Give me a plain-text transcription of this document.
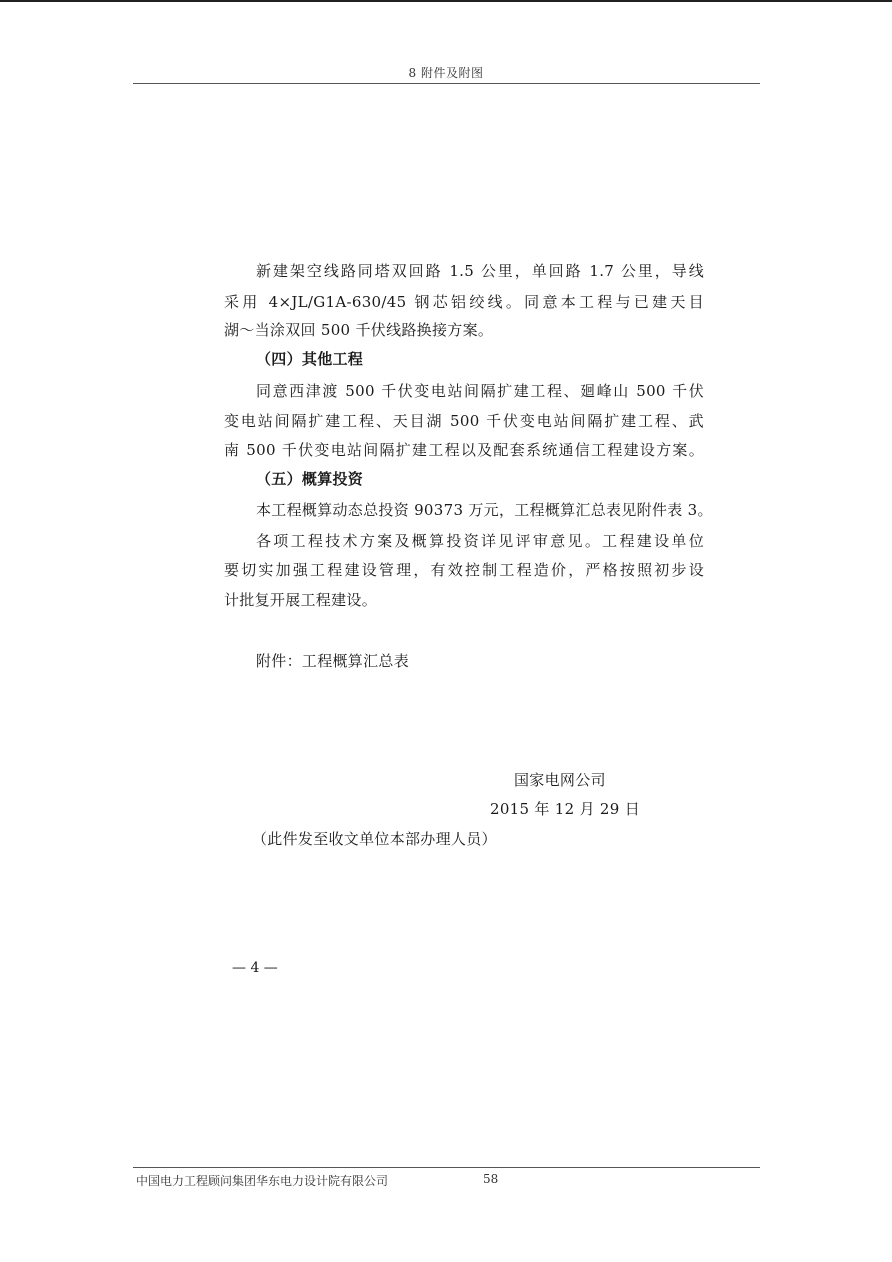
8 附件及附图
新建架空线路同塔双回路 1.5 公里，单回路 1.7 公里，导线
采用 4×JL/G1A-630/45 钢芯铝绞线。同意本工程与已建天目
湖～当涂双回 500 千伏线路换接方案。
（四）其他工程
同意西津渡 500 千伏变电站间隔扩建工程、廻峰山 500 千伏
变电站间隔扩建工程、天目湖 500 千伏变电站间隔扩建工程、武
南 500 千伏变电站间隔扩建工程以及配套系统通信工程建设方案。
（五）概算投资
本工程概算动态总投资 90373 万元，工程概算汇总表见附件表 3。
各项工程技术方案及概算投资详见评审意见。工程建设单位
要切实加强工程建设管理，有效控制工程造价，严格按照初步设
计批复开展工程建设。
附件：工程概算汇总表
国家电网公司
2015 年 12 月 29 日
（此件发至收文单位本部办理人员）
— 4 —
中国电力工程顾问集团华东电力设计院有限公司	58
